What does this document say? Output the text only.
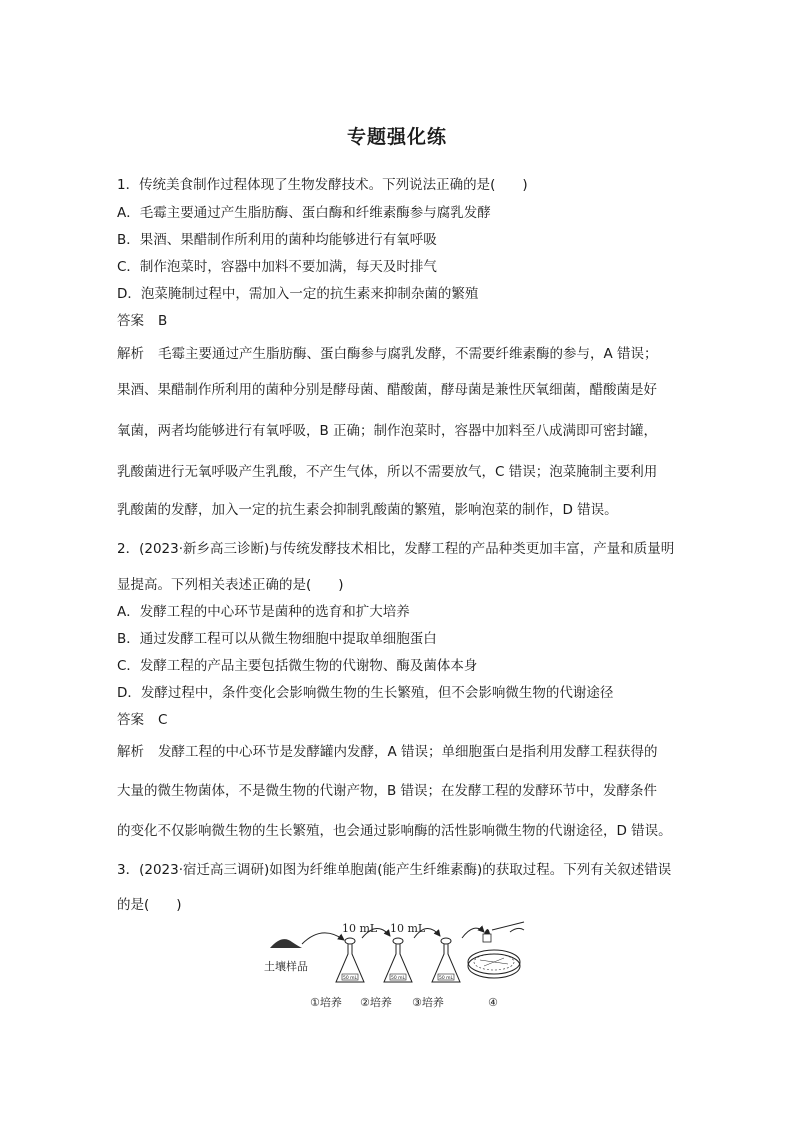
专题强化练
1．传统美食制作过程体现了生物发酵技术。下列说法正确的是(　　)
A．毛霉主要通过产生脂肪酶、蛋白酶和纤维素酶参与腐乳发酵
B．果酒、果醋制作所利用的菌种均能够进行有氧呼吸
C．制作泡菜时，容器中加料不要加满，每天及时排气
D．泡菜腌制过程中，需加入一定的抗生素来抑制杂菌的繁殖
答案 B
解析 毛霉主要通过产生脂肪酶、蛋白酶参与腐乳发酵，不需要纤维素酶的参与，A 错误；
果酒、果醋制作所利用的菌种分别是酵母菌、醋酸菌，酵母菌是兼性厌氧细菌，醋酸菌是好
氧菌，两者均能够进行有氧呼吸，B 正确；制作泡菜时，容器中加料至八成满即可密封罐，
乳酸菌进行无氧呼吸产生乳酸，不产生气体，所以不需要放气，C 错误；泡菜腌制主要利用
乳酸菌的发酵，加入一定的抗生素会抑制乳酸菌的繁殖，影响泡菜的制作，D 错误。
2．(2023·新乡高三诊断)与传统发酵技术相比，发酵工程的产品种类更加丰富，产量和质量明
显提高。下列相关表述正确的是(　　)
A．发酵工程的中心环节是菌种的选育和扩大培养
B．通过发酵工程可以从微生物细胞中提取单细胞蛋白
C．发酵工程的产品主要包括微生物的代谢物、酶及菌体本身
D．发酵过程中，条件变化会影响微生物的生长繁殖，但不会影响微生物的代谢途径
答案 C
解析 发酵工程的中心环节是发酵罐内发酵，A 错误；单细胞蛋白是指利用发酵工程获得的
大量的微生物菌体，不是微生物的代谢产物，B 错误；在发酵工程的发酵环节中，发酵条件
的变化不仅影响微生物的生长繁殖，也会通过影响酶的活性影响微生物的代谢途径，D 错误。
3．(2023·宿迁高三调研)如图为纤维单胞菌(能产生纤维素酶)的获取过程。下列有关叙述错误
的是(　　)
土壤样品
10 mL 10 mL
50 mL	50 mL	50 mL
①培养 ②培养 ③培养	④
